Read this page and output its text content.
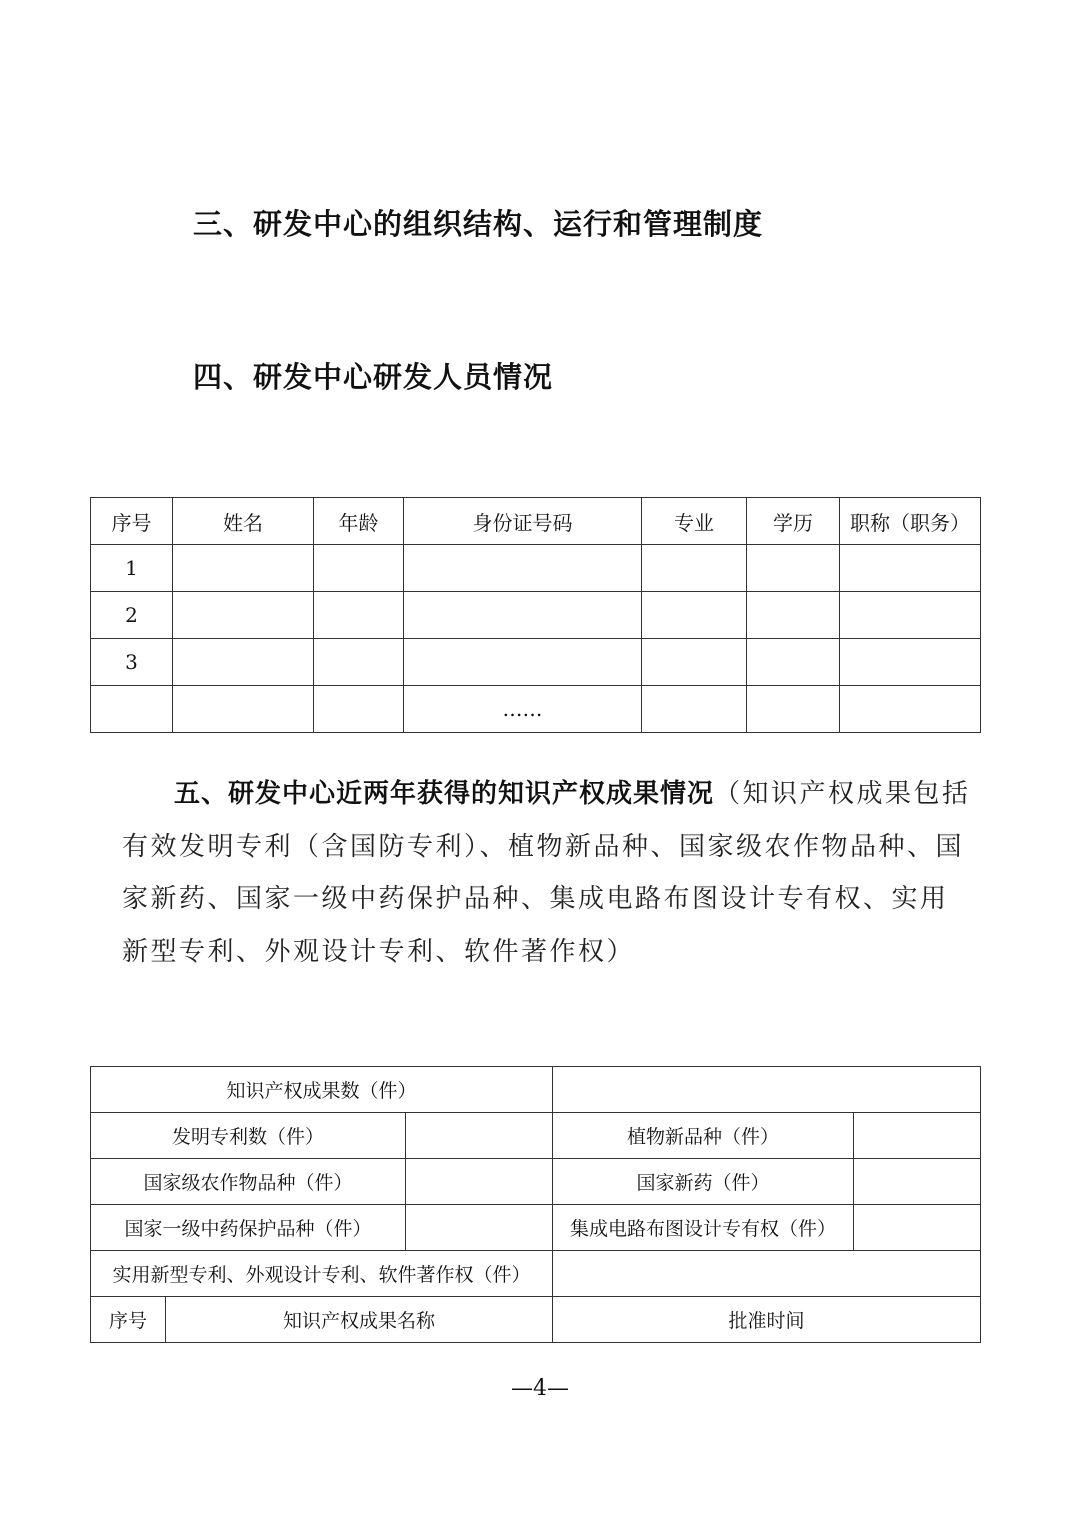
三、研发中心的组织结构、运行和管理制度
四、研发中心研发人员情况
序号	姓名	年龄	身份证号码	专业	学历	职称（职务）
1						
2						
3						
			……			

五、研发中心近两年获得的知识产权成果情况（知识产权成果包括有效发明专利（含国防专利）、植物新品种、国家级农作物品种、国家新药、国家一级中药保护品种、集成电路布图设计专有权、实用新型专利、外观设计专利、软件著作权）

知识产权成果数（件）				
发明专利数（件）			植物新品种（件）	
国家级农作物品种（件）			国家新药（件）	
国家一级中药保护品种（件）			集成电路布图设计专有权（件）	
实用新型专利、外观设计专利、软件著作权（件）				
序号	知识产权成果名称		批准时间	
—4—
